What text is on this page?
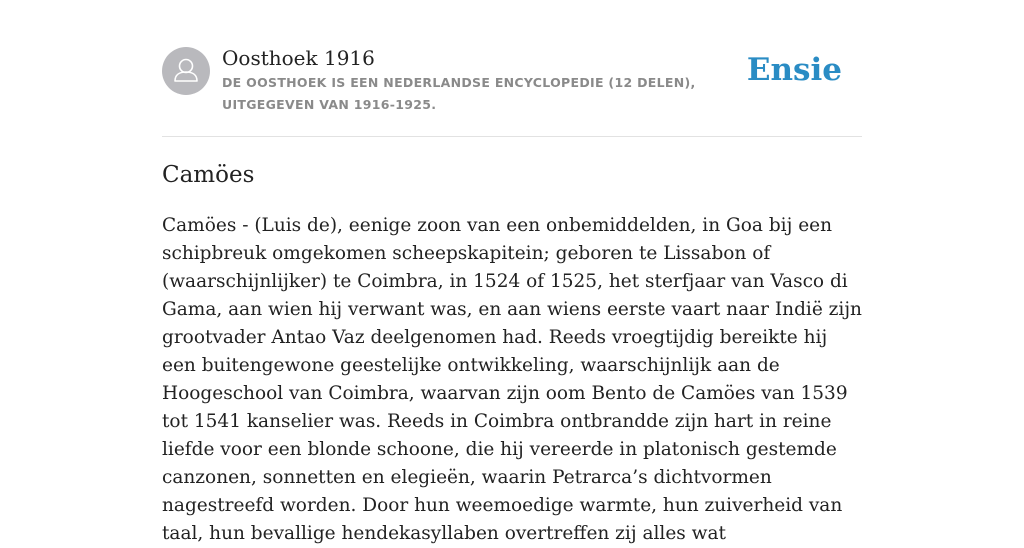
Oosthoek 1916
DE OOSTHOEK IS EEN NEDERLANDSE ENCYCLOPEDIE (12 DELEN), UITGEGEVEN VAN 1916-1925.
Ensie
Camöes

Camöes - (Luis de), eenige zoon van een onbemiddelden, in Goa bij een schipbreuk omgekomen scheepskapitein; geboren te Lissabon of (waarschijnlijker) te Coimbra, in 1524 of 1525, het sterfjaar van Vasco di Gama, aan wien hij verwant was, en aan wiens eerste vaart naar Indië zijn grootvader Antao Vaz deelgenomen had. Reeds vroegtijdig bereikte hij een buitengewone geestelijke ontwikkeling, waarschijnlijk aan de Hoogeschool van Coimbra, waarvan zijn oom Bento de Camöes van 1539 tot 1541 kanselier was. Reeds in Coimbra ontbrandde zijn hart in reine liefde voor een blonde schoone, die hij vereerde in platonisch gestemde canzonen, sonnetten en elegieën, waarin Petrarca’s dichtvormen nagestreefd worden. Door hun weemoedige warmte, hun zuiverheid van taal, hun bevallige hendekasyllaben overtreffen zij alles wat
